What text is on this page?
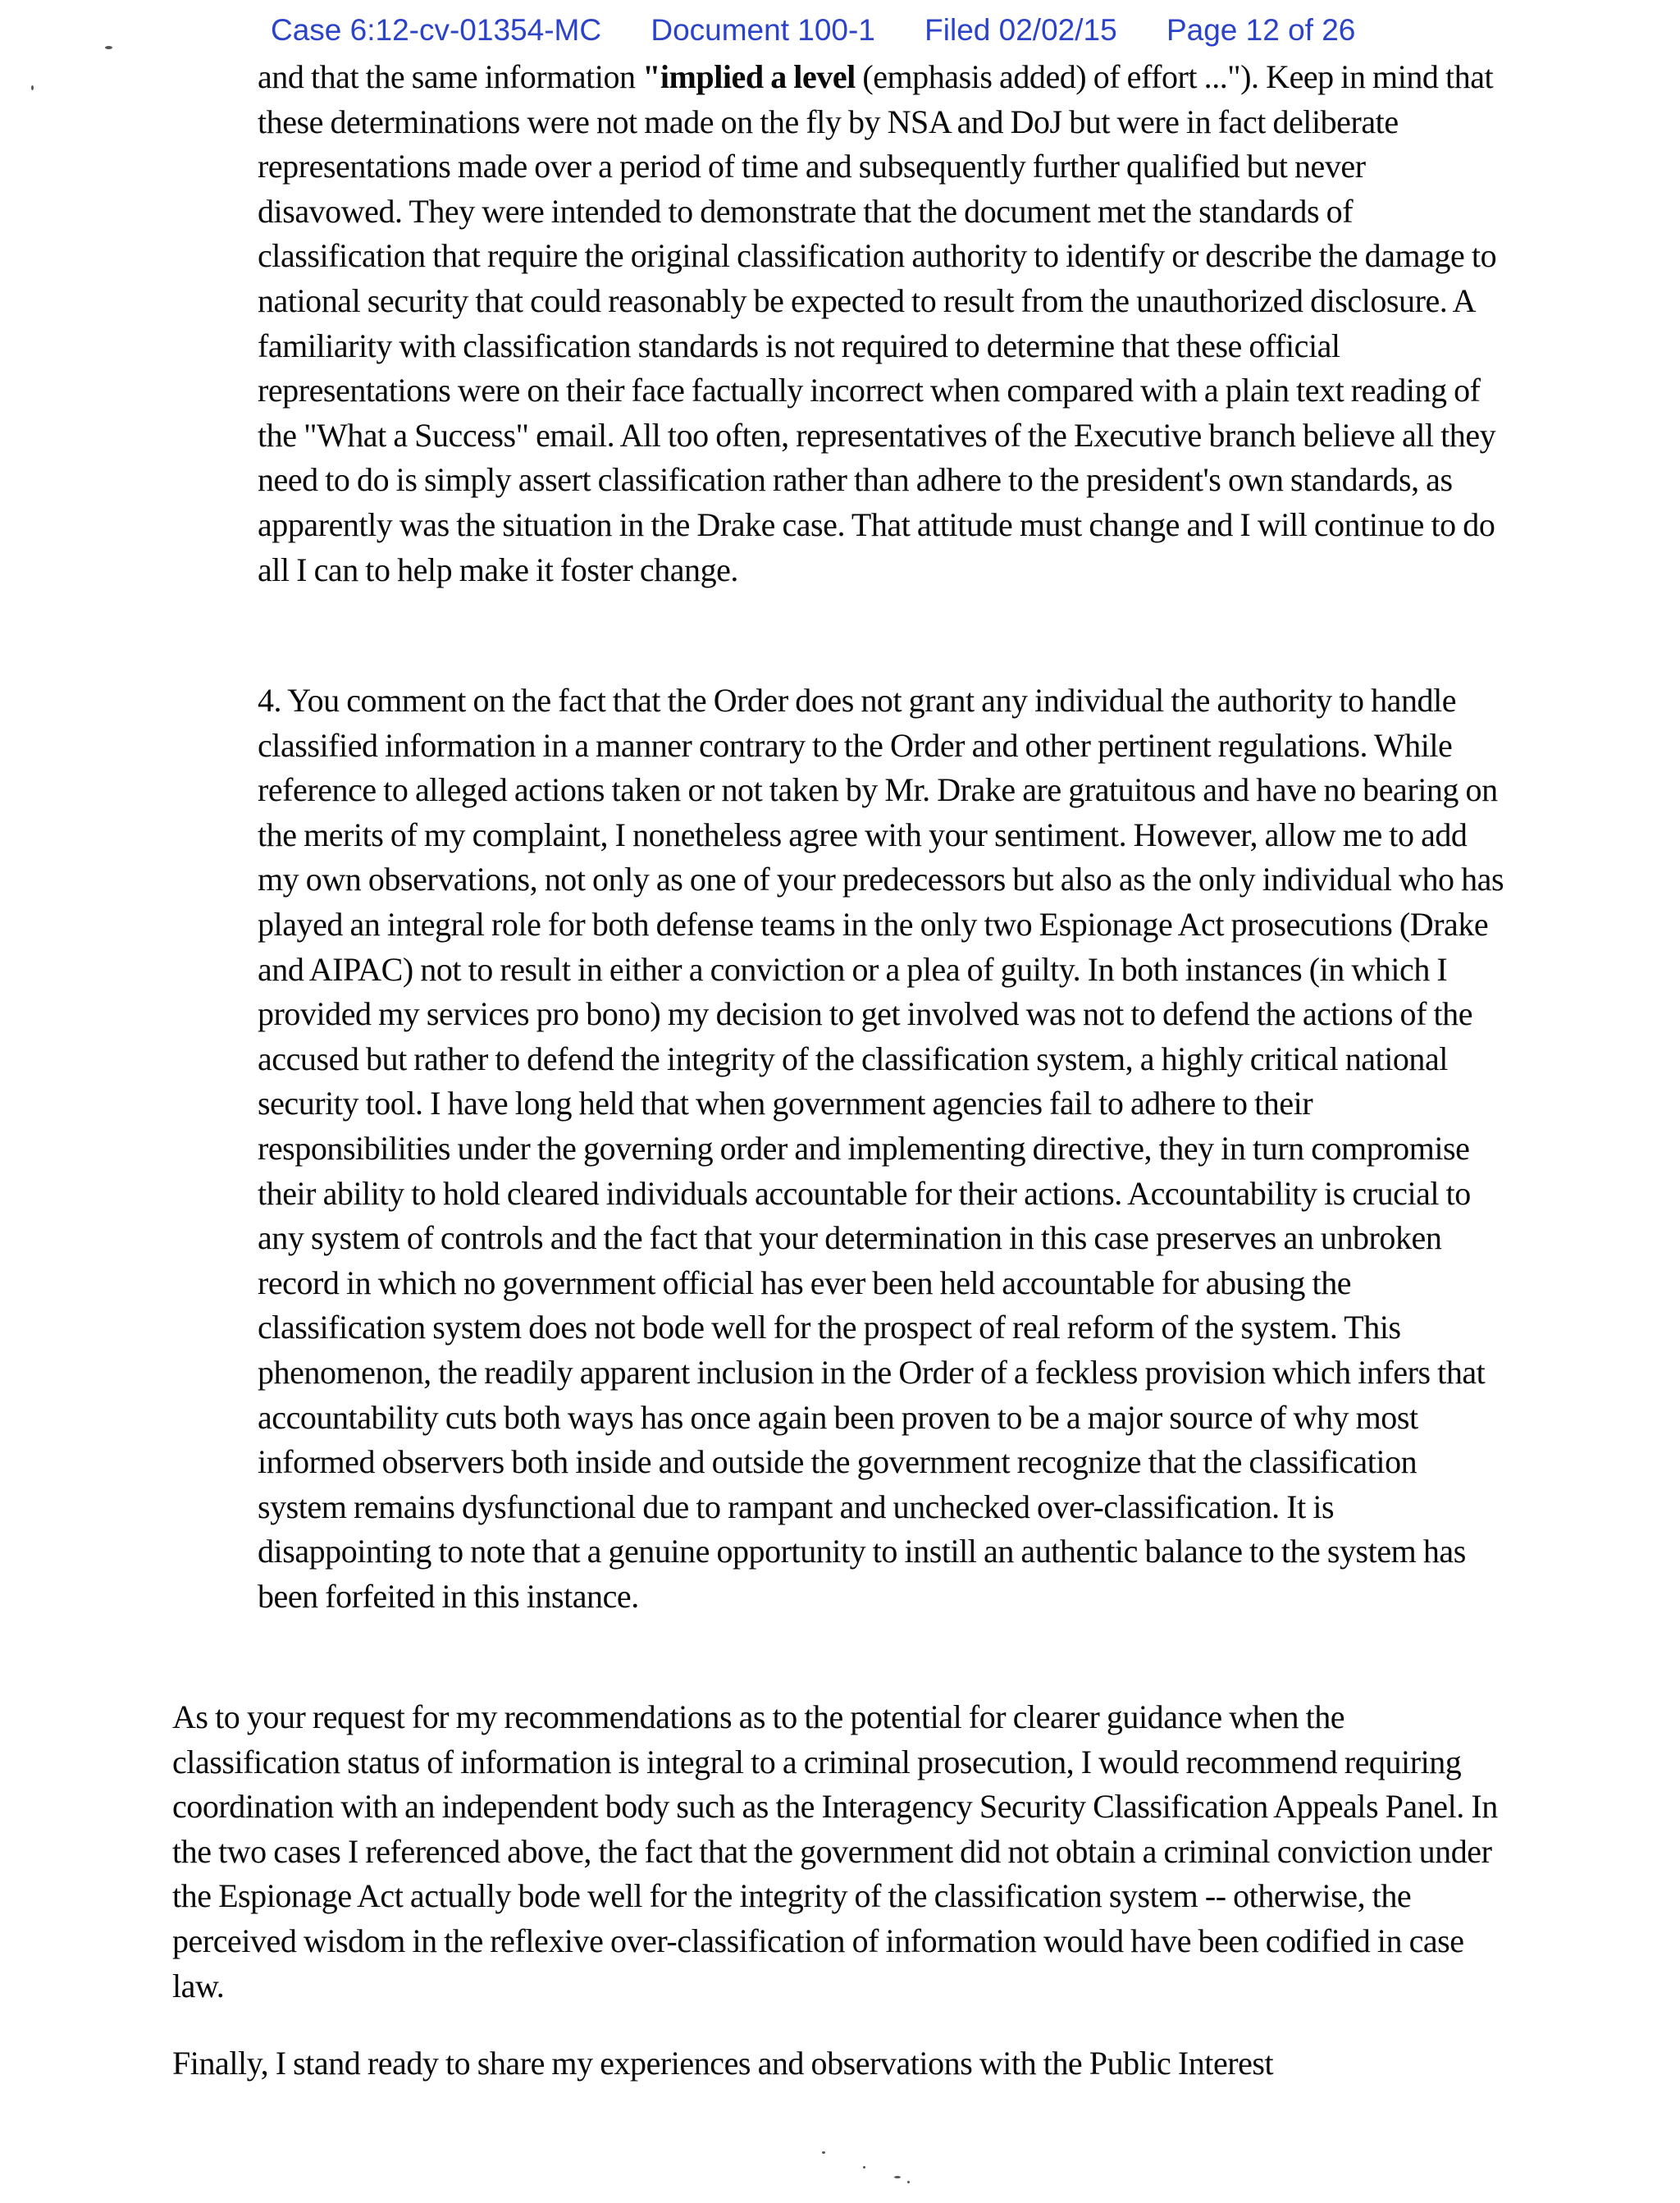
Case 6:12-cv-01354-MC Document 100-1 Filed 02/02/15 Page 12 of 26

and that the same information "implied a level (emphasis added) of effort ..."). Keep in mind that these determinations were not made on the fly by NSA and DoJ but were in fact deliberate representations made over a period of time and subsequently further qualified but never disavowed. They were intended to demonstrate that the document met the standards of classification that require the original classification authority to identify or describe the damage to national security that could reasonably be expected to result from the unauthorized disclosure. A familiarity with classification standards is not required to determine that these official representations were on their face factually incorrect when compared with a plain text reading of the "What a Success" email. All too often, representatives of the Executive branch believe all they need to do is simply assert classification rather than adhere to the president's own standards, as apparently was the situation in the Drake case. That attitude must change and I will continue to do all I can to help make it foster change.

4. You comment on the fact that the Order does not grant any individual the authority to handle classified information in a manner contrary to the Order and other pertinent regulations. While reference to alleged actions taken or not taken by Mr. Drake are gratuitous and have no bearing on the merits of my complaint, I nonetheless agree with your sentiment. However, allow me to add my own observations, not only as one of your predecessors but also as the only individual who has played an integral role for both defense teams in the only two Espionage Act prosecutions (Drake and AIPAC) not to result in either a conviction or a plea of guilty. In both instances (in which I provided my services pro bono) my decision to get involved was not to defend the actions of the accused but rather to defend the integrity of the classification system, a highly critical national security tool. I have long held that when government agencies fail to adhere to their responsibilities under the governing order and implementing directive, they in turn compromise their ability to hold cleared individuals accountable for their actions. Accountability is crucial to any system of controls and the fact that your determination in this case preserves an unbroken record in which no government official has ever been held accountable for abusing the classification system does not bode well for the prospect of real reform of the system. This phenomenon, the readily apparent inclusion in the Order of a feckless provision which infers that accountability cuts both ways has once again been proven to be a major source of why most informed observers both inside and outside the government recognize that the classification system remains dysfunctional due to rampant and unchecked over-classification. It is disappointing to note that a genuine opportunity to instill an authentic balance to the system has been forfeited in this instance.

As to your request for my recommendations as to the potential for clearer guidance when the classification status of information is integral to a criminal prosecution, I would recommend requiring coordination with an independent body such as the Interagency Security Classification Appeals Panel. In the two cases I referenced above, the fact that the government did not obtain a criminal conviction under the Espionage Act actually bode well for the integrity of the classification system -- otherwise, the perceived wisdom in the reflexive over-classification of information would have been codified in case law.

Finally, I stand ready to share my experiences and observations with the Public Interest
